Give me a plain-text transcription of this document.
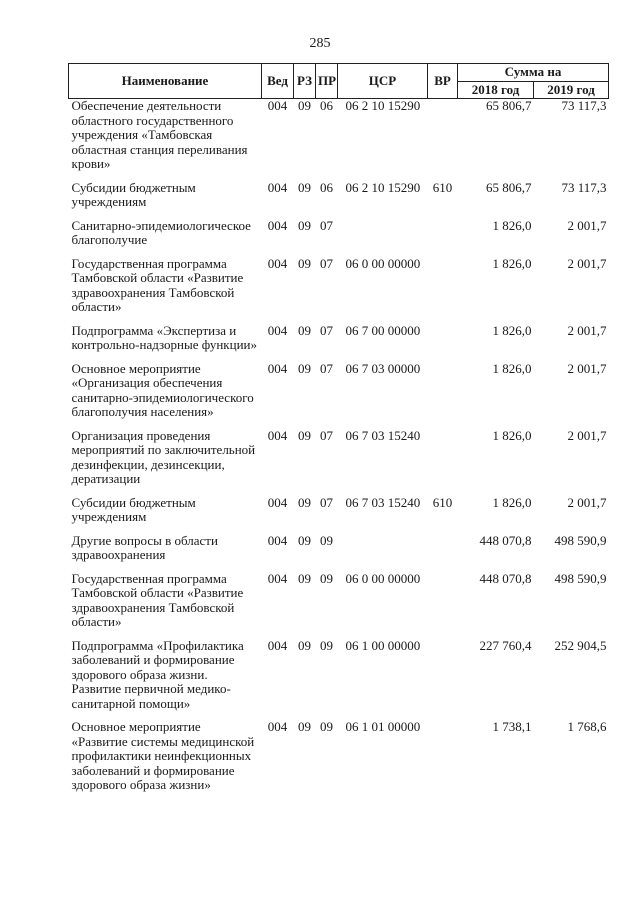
285
Наименование	Вед	РЗ	ПР	ЦСР	ВР	Сумма на	
						2018 год	2019 год
Обеспечение деятельности областного государственного учреждения «Тамбовская областная станция переливания крови»	004	09	06	06 2 10 15290		65 806,7	73 117,3
Субсидии бюджетным учреждениям	004	09	06	06 2 10 15290	610	65 806,7	73 117,3
Санитарно-эпидемиологическое благополучие	004	09	07			1 826,0	2 001,7
Государственная программа Тамбовской области «Развитие здравоохранения Тамбовской области»	004	09	07	06 0 00 00000		1 826,0	2 001,7
Подпрограмма «Экспертиза и контрольно-надзорные функции»	004	09	07	06 7 00 00000		1 826,0	2 001,7
Основное мероприятие «Организация обеспечения санитарно-эпидемиологического благополучия населения»	004	09	07	06 7 03 00000		1 826,0	2 001,7
Организация проведения мероприятий по заключительной дезинфекции, дезинсекции, дератизации	004	09	07	06 7 03 15240		1 826,0	2 001,7
Субсидии бюджетным учреждениям	004	09	07	06 7 03 15240	610	1 826,0	2 001,7
Другие вопросы в области здравоохранения	004	09	09			448 070,8	498 590,9
Государственная программа Тамбовской области «Развитие здравоохранения Тамбовской области»	004	09	09	06 0 00 00000		448 070,8	498 590,9
Подпрограмма «Профилактика заболеваний и формирование здорового образа жизни. Развитие первичной медико-санитарной помощи»	004	09	09	06 1 00 00000		227 760,4	252 904,5
Основное мероприятие «Развитие системы медицинской профилактики неинфекционных заболеваний и формирование здорового образа жизни»	004	09	09	06 1 01 00000		1 738,1	1 768,6
